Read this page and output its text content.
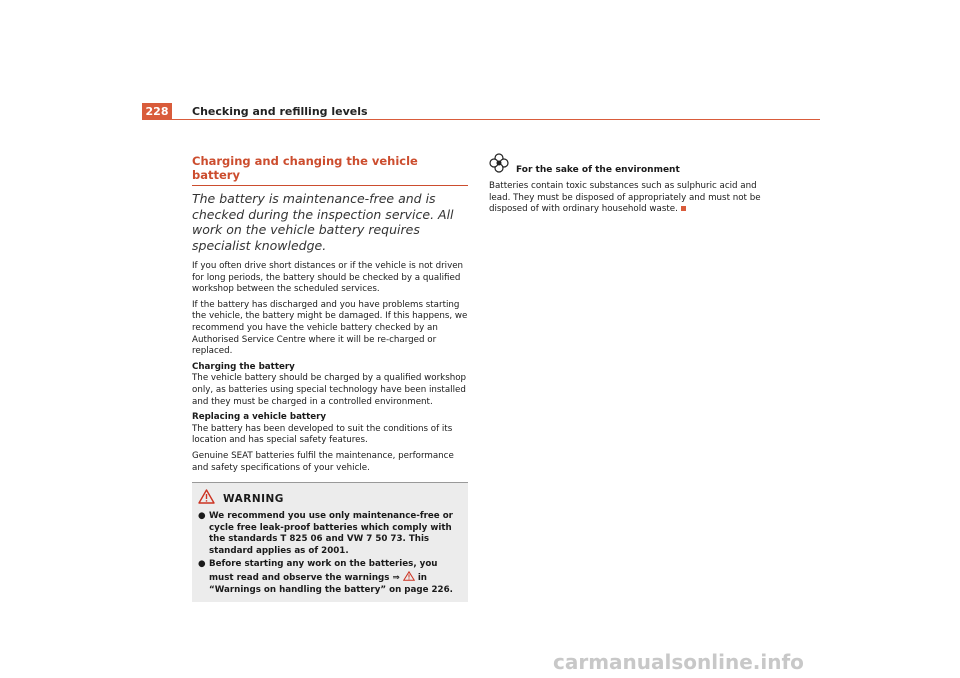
228	Checking and refilling levels
Charging and changing the vehicle battery

The battery is maintenance-free and is checked during the inspection service. All work on the vehicle battery requires specialist knowledge.

If you often drive short distances or if the vehicle is not driven for long periods, the battery should be checked by a qualified workshop between the scheduled services.

If the battery has discharged and you have problems starting the vehicle, the battery might be damaged. If this happens, we recommend you have the vehicle battery checked by an Authorised Service Centre where it will be re-charged or replaced.

Charging the battery

The vehicle battery should be charged by a qualified workshop only, as batteries using special technology have been installed and they must be charged in a controlled environment.

Replacing a vehicle battery

The battery has been developed to suit the conditions of its location and has special safety features.

Genuine SEAT batteries fulfil the maintenance, performance and safety specifications of your vehicle.

WARNING
● We recommend you use only maintenance-free or cycle free leak-proof batteries which comply with the standards T 825 06 and VW 7 50 73. This standard applies as of 2001.
● Before starting any work on the batteries, you must read and observe the warnings ⇒ in “Warnings on handling the battery” on page 226.
For the sake of the environment
Batteries contain toxic substances such as sulphuric acid and lead. They must be disposed of appropriately and must not be disposed of with ordinary household waste.
carmanualsonline.info
